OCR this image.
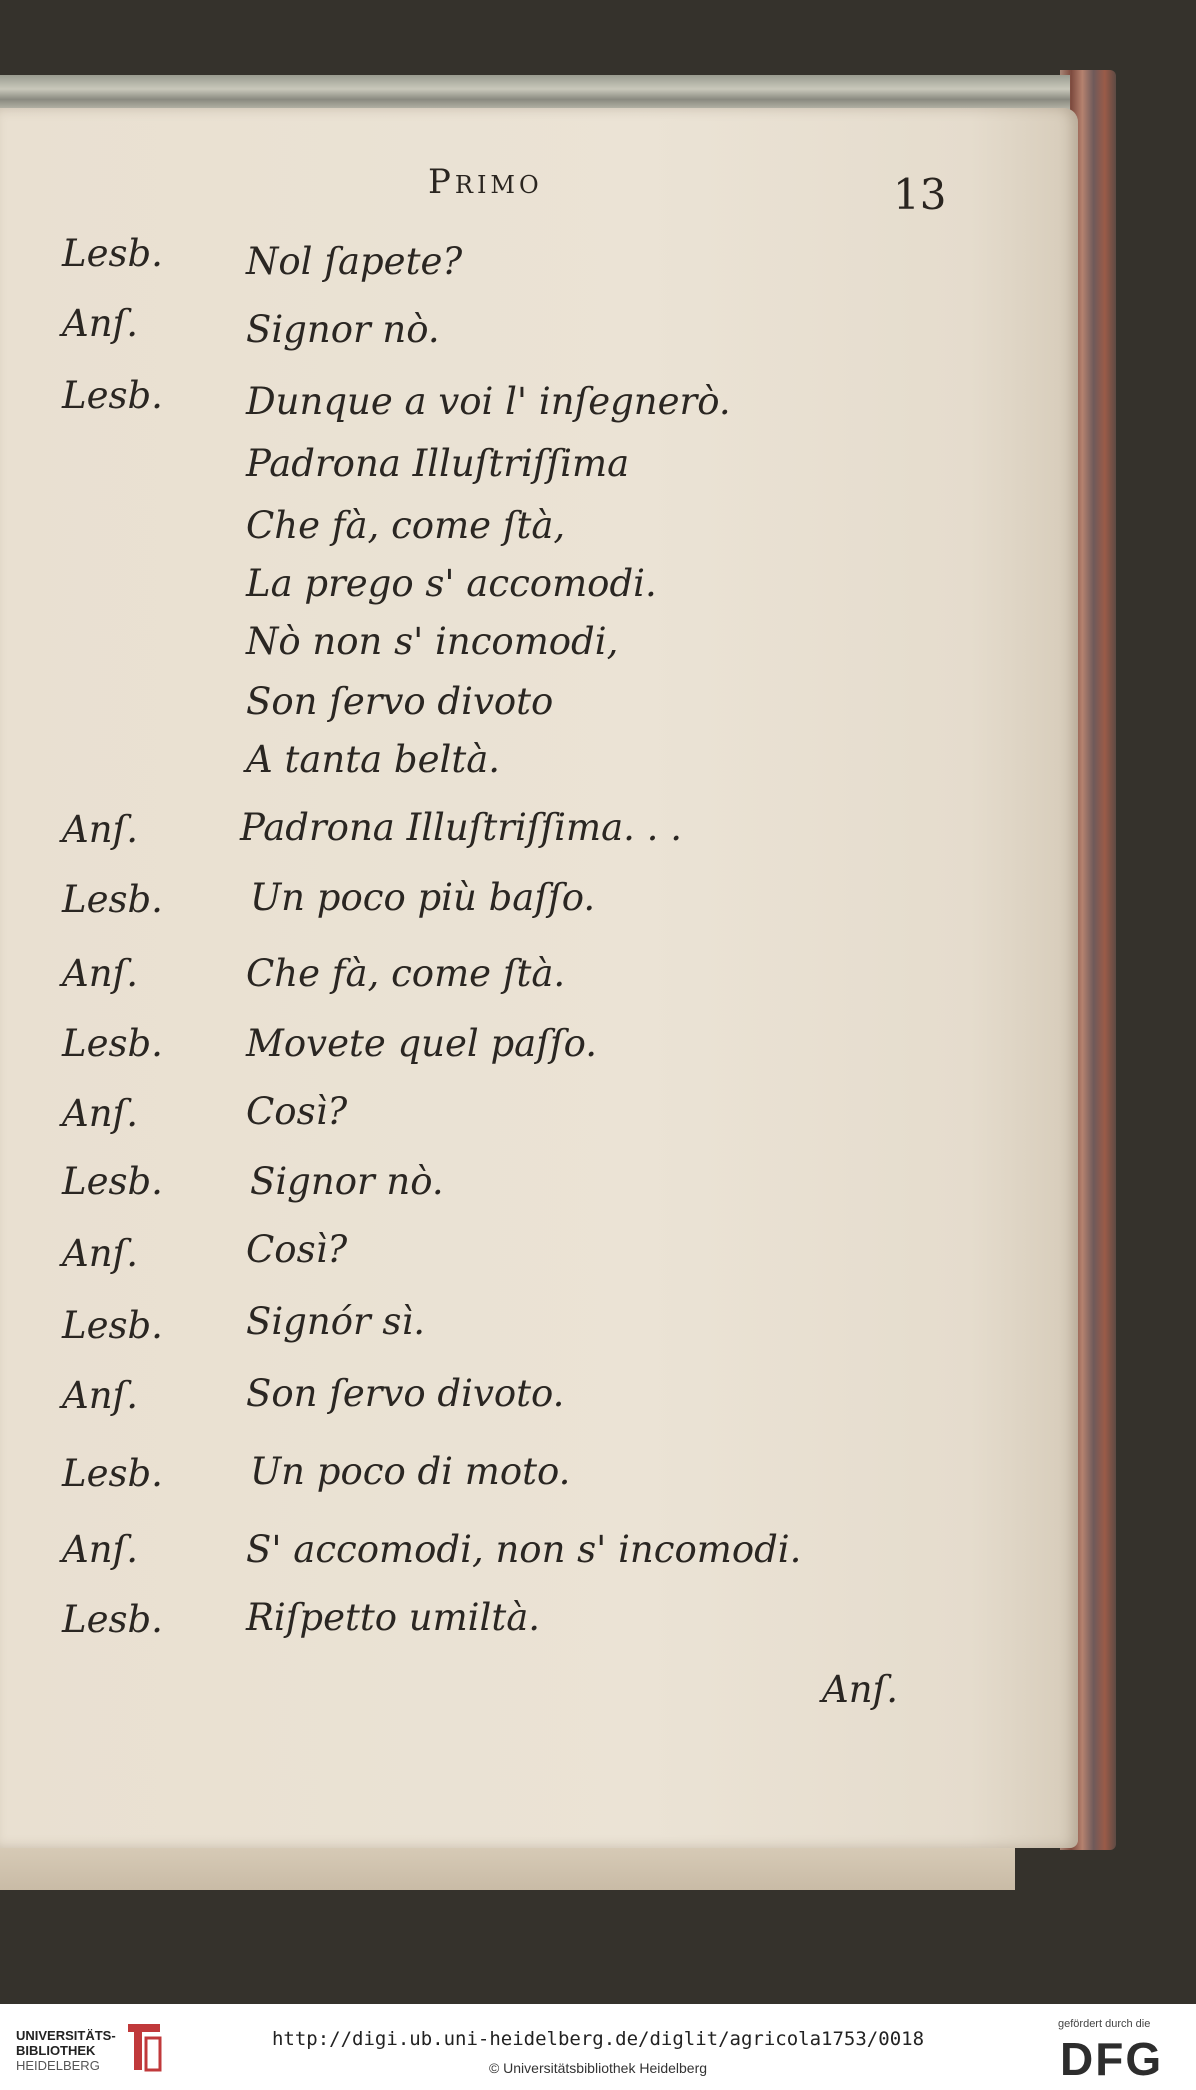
Primo	13
Lesb. Nol ſapete?
Anſ.	Signor nò.
Lesb. Dunque a voi l' inſegnerò.
Padrona Illuſtriſſima
Che fà, come ſtà,
La prego s' accomodi.
Nò non s' incomodi,
Son ſervo divoto
A tanta beltà.
Anſ.	Padrona Illuſtriſſima. . .
Lesb. Un poco più baſſo.
Anſ.	Che fà, come ſtà.
Lesb. Movete quel paſſo.
Anſ.	Così?
Lesb. Signor nò.
Anſ.	Così?
Lesb. Signór sì.
Anſ.	Son ſervo divoto.
Lesb. Un poco di moto.
Anſ.	S' accomodi, non s' incomodi.
Lesb. Riſpetto umiltà.
Anſ.
UNIVERSITÄTS-
BIBLIOTHEK
HEIDELBERG
http://digi.ub.uni-heidelberg.de/diglit/agricola1753/0018
© Universitätsbibliothek Heidelberg
gefördert durch die
DFG
